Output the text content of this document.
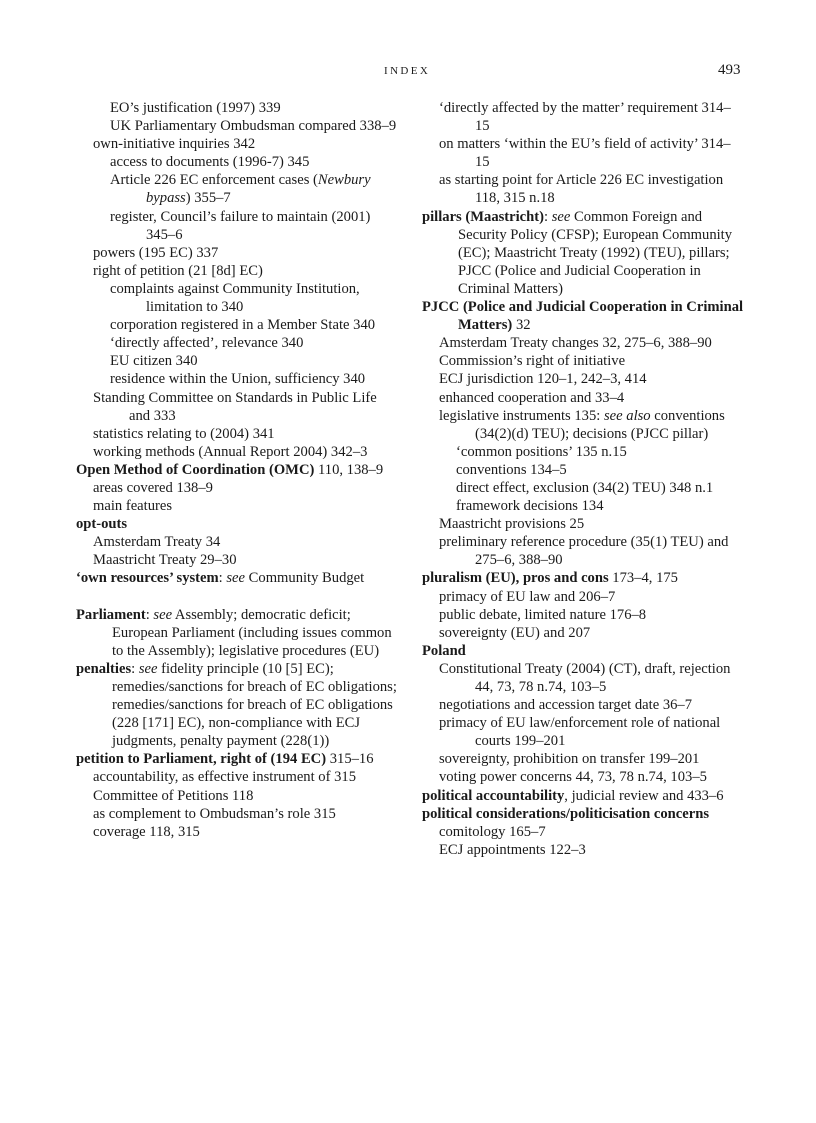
INDEX	493
EO’s justification (1997) 339
UK Parliamentary Ombudsman compared 338–9
own-initiative inquiries 342
access to documents (1996-7) 345
Article 226 EC enforcement cases (Newbury bypass) 355–7
register, Council’s failure to maintain (2001) 345–6
powers (195 EC) 337
right of petition (21 [8d] EC)
complaints against Community Institution, limitation to 340
corporation registered in a Member State 340
‘directly affected’, relevance 340
EU citizen 340
residence within the Union, sufficiency 340
Standing Committee on Standards in Public Life and 333
statistics relating to (2004) 341
working methods (Annual Report 2004) 342–3
Open Method of Coordination (OMC) 110, 138–9
areas covered 138–9
main features
opt-outs
Amsterdam Treaty 34
Maastricht Treaty 29–30
‘own resources’ system: see Community Budget
Parliament: see Assembly; democratic deficit; European Parliament (including issues common to the Assembly); legislative procedures (EU)
penalties: see fidelity principle (10 [5] EC); remedies/sanctions for breach of EC obligations; remedies/sanctions for breach of EC obligations (228 [171] EC), non-compliance with ECJ judgments, penalty payment (228(1))
petition to Parliament, right of (194 EC) 315–16
accountability, as effective instrument of 315
Committee of Petitions 118
as complement to Ombudsman’s role 315
coverage 118, 315
‘directly affected by the matter’ requirement 314–15
on matters ‘within the EU’s field of activity’ 314–15
as starting point for Article 226 EC investigation 118, 315 n.18
pillars (Maastricht): see Common Foreign and Security Policy (CFSP); European Community (EC); Maastricht Treaty (1992) (TEU), pillars; PJCC (Police and Judicial Cooperation in Criminal Matters)
PJCC (Police and Judicial Cooperation in Criminal Matters) 32
Amsterdam Treaty changes 32, 275–6, 388–90
Commission’s right of initiative
ECJ jurisdiction 120–1, 242–3, 414
enhanced cooperation and 33–4
legislative instruments 135: see also conventions (34(2)(d) TEU); decisions (PJCC pillar)
‘common positions’ 135 n.15
conventions 134–5
direct effect, exclusion (34(2) TEU) 348 n.1
framework decisions 134
Maastricht provisions 25
preliminary reference procedure (35(1) TEU) and 275–6, 388–90
pluralism (EU), pros and cons 173–4, 175
primacy of EU law and 206–7
public debate, limited nature 176–8
sovereignty (EU) and 207
Poland
Constitutional Treaty (2004) (CT), draft, rejection 44, 73, 78 n.74, 103–5
negotiations and accession target date 36–7
primacy of EU law/enforcement role of national courts 199–201
sovereignty, prohibition on transfer 199–201
voting power concerns 44, 73, 78 n.74, 103–5
political accountability, judicial review and 433–6
political considerations/politicisation concerns
comitology 165–7
ECJ appointments 122–3
